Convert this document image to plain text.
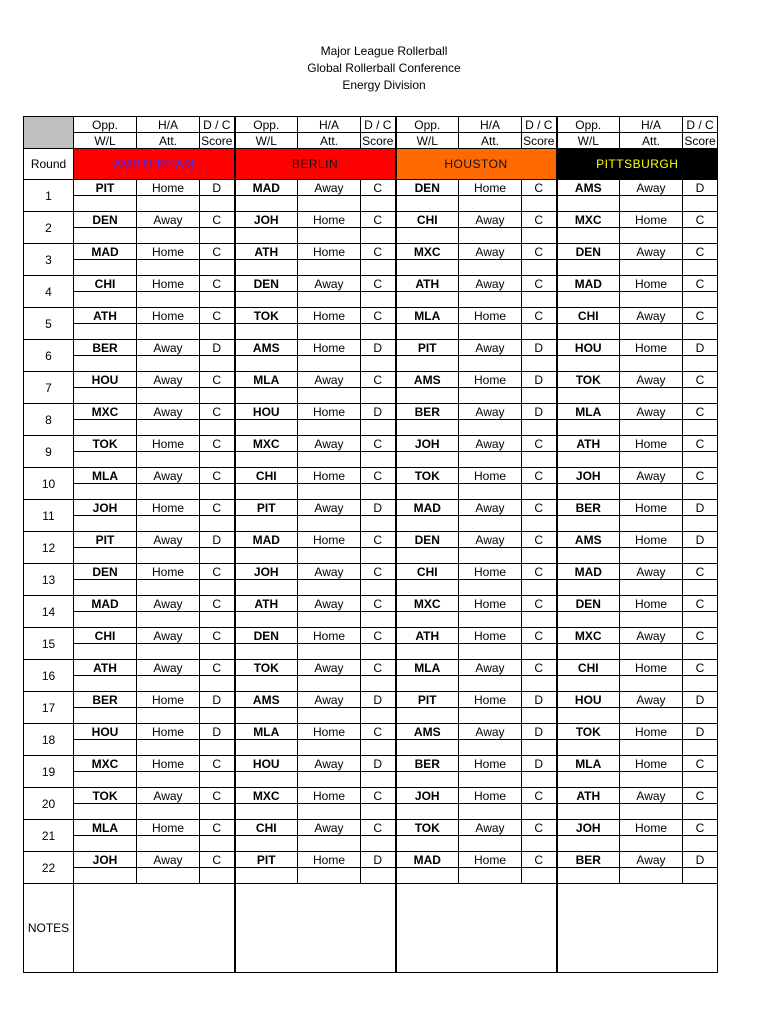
Major League Rollerball
Global Rollerball Conference
Energy Division
	Opp.	H/A	D / C	Opp.	H/A	D / C	Opp.	H/A	D / C	Opp.	H/A	D / C
	W/L	Att.	Score	W/L	Att.	Score	W/L	Att.	Score	W/L	Att.	Score
Round	AMSTERDAM			BERLIN			HOUSTON			PITTSBURGH		
1	PIT	Home	D	MAD	Away	C	DEN	Home	C	AMS	Away	D

2	DEN	Away	C	JOH	Home	C	CHI	Away	C	MXC	Home	C

3	MAD	Home	C	ATH	Home	C	MXC	Away	C	DEN	Away	C

4	CHI	Home	C	DEN	Away	C	ATH	Away	C	MAD	Home	C

5	ATH	Home	C	TOK	Home	C	MLA	Home	C	CHI	Away	C

6	BER	Away	D	AMS	Home	D	PIT	Away	D	HOU	Home	D

7	HOU	Away	C	MLA	Away	C	AMS	Home	D	TOK	Away	C

8	MXC	Away	C	HOU	Home	D	BER	Away	D	MLA	Away	C

9	TOK	Home	C	MXC	Away	C	JOH	Away	C	ATH	Home	C

10	MLA	Away	C	CHI	Home	C	TOK	Home	C	JOH	Away	C

11	JOH	Home	C	PIT	Away	D	MAD	Away	C	BER	Home	D

12	PIT	Away	D	MAD	Home	C	DEN	Away	C	AMS	Home	D

13	DEN	Home	C	JOH	Away	C	CHI	Home	C	MAD	Away	C

14	MAD	Away	C	ATH	Away	C	MXC	Home	C	DEN	Home	C

15	CHI	Away	C	DEN	Home	C	ATH	Home	C	MXC	Away	C

16	ATH	Away	C	TOK	Away	C	MLA	Away	C	CHI	Home	C

17	BER	Home	D	AMS	Away	D	PIT	Home	D	HOU	Away	D

18	HOU	Home	D	MLA	Home	C	AMS	Away	D	TOK	Home	D

19	MXC	Home	C	HOU	Away	D	BER	Home	D	MLA	Home	C

20	TOK	Away	C	MXC	Home	C	JOH	Home	C	ATH	Away	C

21	MLA	Home	C	CHI	Away	C	TOK	Away	C	JOH	Home	C

22	JOH	Away	C	PIT	Home	D	MAD	Home	C	BER	Away	D

NOTES												
